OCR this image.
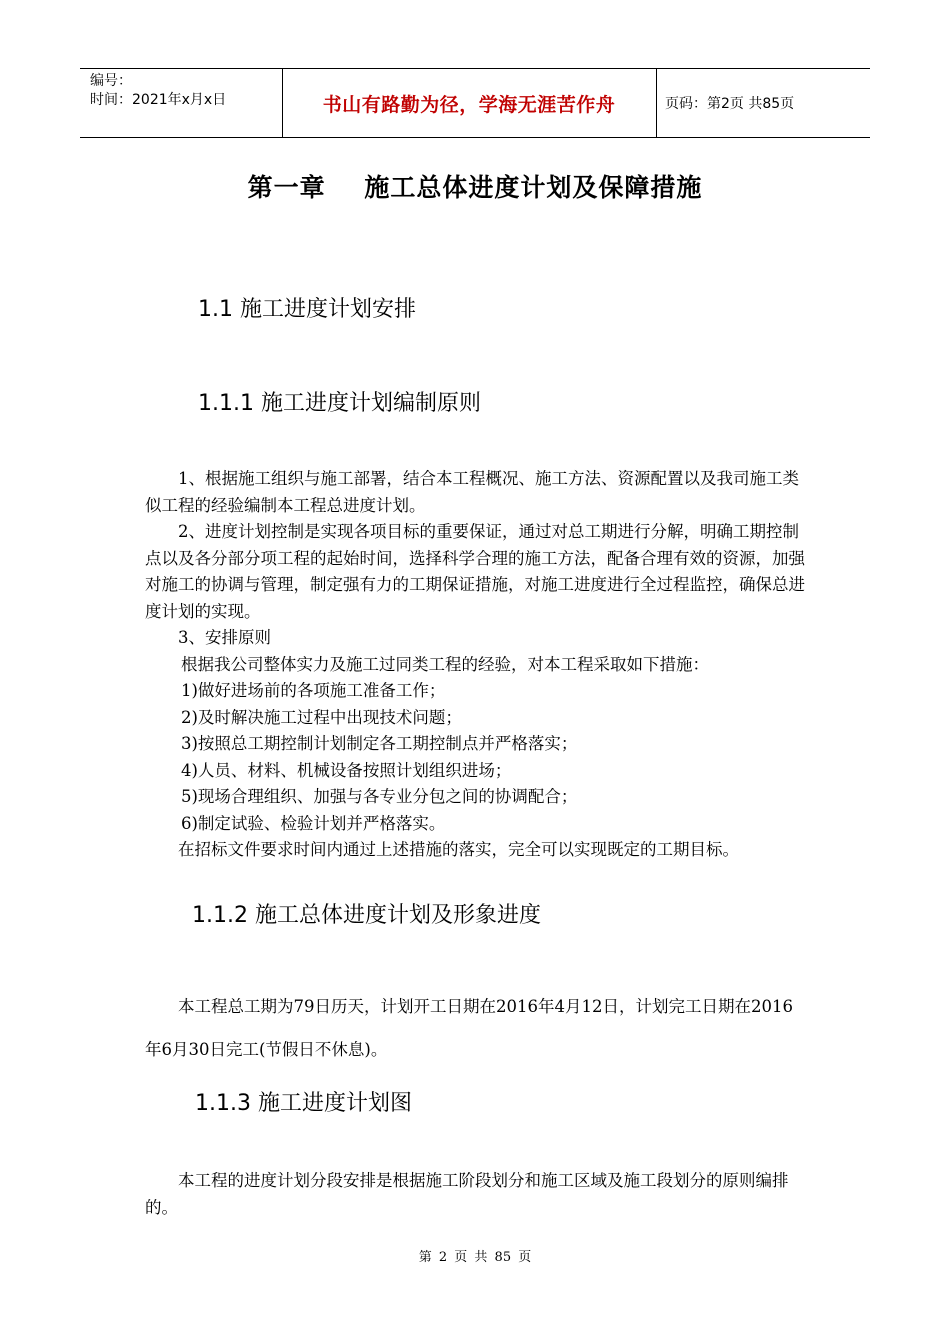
编号：
时间：2021年x月x日	书山有路勤为径，学海无涯苦作舟	页码：第2页 共85页
第一章    施工总体进度计划及保障措施
1.1 施工进度计划安排
1.1.1 施工进度计划编制原则

1、根据施工组织与施工部署，结合本工程概况、施工方法、资源配置以及我司施工类似工程的经验编制本工程总进度计划。

2、进度计划控制是实现各项目标的重要保证，通过对总工期进行分解，明确工期控制点以及各分部分项工程的起始时间，选择科学合理的施工方法，配备合理有效的资源，加强对施工的协调与管理，制定强有力的工期保证措施，对施工进度进行全过程监控，确保总进度计划的实现。

3、安排原则

根据我公司整体实力及施工过同类工程的经验，对本工程采取如下措施：

1)做好进场前的各项施工准备工作；

2)及时解决施工过程中出现技术问题；

3)按照总工期控制计划制定各工期控制点并严格落实；

4)人员、材料、机械设备按照计划组织进场；

5)现场合理组织、加强与各专业分包之间的协调配合；

6)制定试验、检验计划并严格落实。

在招标文件要求时间内通过上述措施的落实，完全可以实现既定的工期目标。

1.1.2 施工总体进度计划及形象进度

本工程总工期为79日历天，计划开工日期在2016年4月12日，计划完工日期在2016年6月30日完工(节假日不休息)。

1.1.3 施工进度计划图

本工程的进度计划分段安排是根据施工阶段划分和施工区域及施工段划分的原则编排的。

第 2 页 共 85 页
